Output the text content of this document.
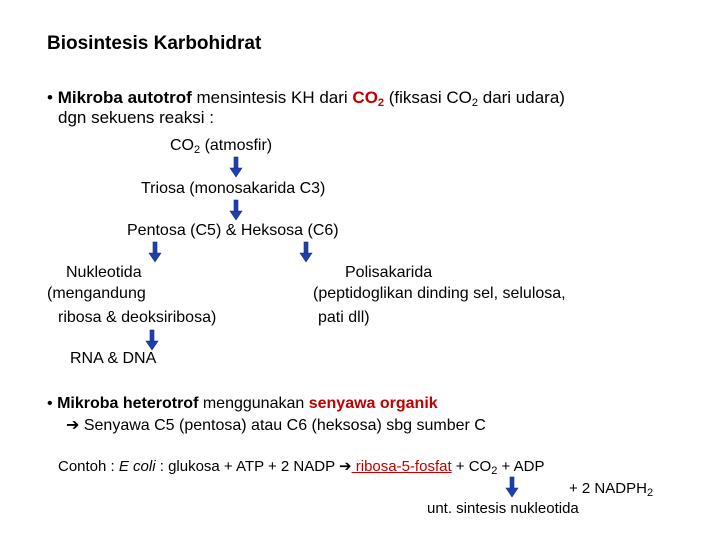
Biosintesis Karbohidrat
• Mikroba autotrof mensintesis KH dari $CO_2$ (fiksasi $CO_2$ dari udara)
dgn sekuens reaksi :
$CO_2$ (atmosfir)
Triosa (monosakarida C3)
Pentosa (C5) & Heksosa (C6)
Nukleotida
(mengandung
ribosa & deoksiribosa)
Polisakarida
(peptidoglikan dinding sel, selulosa,
pati dll)
RNA & DNA
• Mikroba heterotrof menggunakan senyawa organik
➔ Senyawa C5 (pentosa) atau C6 (heksosa) sbg sumber C
Contoh : E coli : glukosa + ATP + 2 NADP ➔ ribosa-5-fosfat + $CO_2$ + ADP
+ 2 $NADPH_2$
unt. sintesis nukleotida
